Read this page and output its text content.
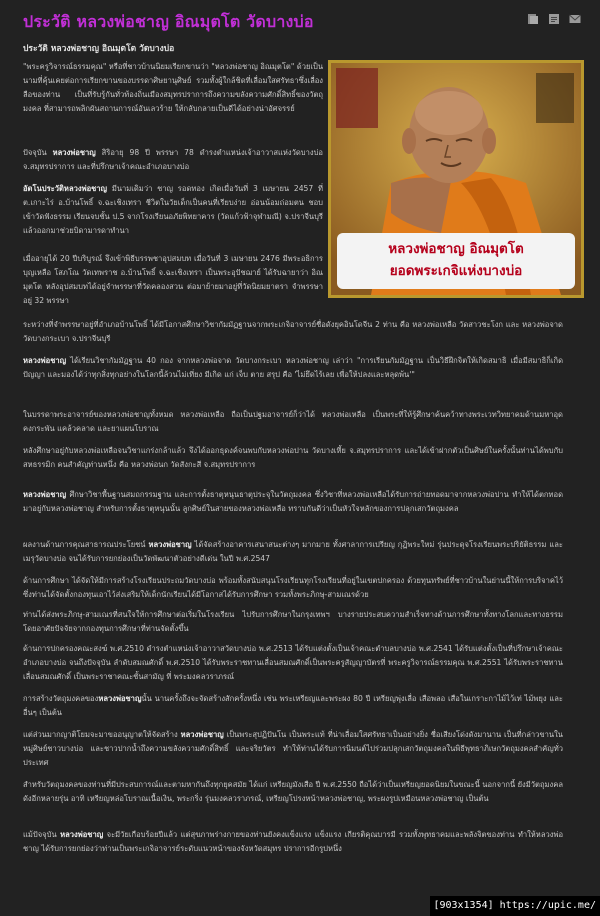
ประวัติ หลวงพ่อชาญ อิณมุตโต วัดบางบ่อ
ประวัติ หลวงพ่อชาญ อิณมุตโต วัดบางบ่อ
หลวงพ่อชาญ อิณมุตโต
ยอดพระเกจิแห่งบางบ่อ

"พระครูวิจารณ์ธรรมคุณ" หรือที่ชาวบ้านนิยมเรียกขานว่า "หลวงพ่อชาญ อิณมุตโต" ด้วยเป็นนามที่คุ้นเคยต่อการเรียกขานของบรรดาศิษยานุศิษย์ รวมทั้งผู้ใกล้ชิดที่เลื่อมใสศรัทธาซึ่งเลื่องลือของท่าน เป็นที่รับรู้กันทั่วท้องถิ่นเมืองสมุทรปราการถึงความขลังความศักดิ์สิทธิ์ของวัตถุมงคล ที่สามารถพลิกผันสถานการณ์อันเลวร้าย ให้กลับกลายเป็นดีได้อย่างน่าอัศจรรย์

ปัจจุบัน หลวงพ่อชาญ สิริอายุ 98 ปี พรรษา 78 ดำรงตำแหน่งเจ้าอาวาสแห่งวัดบางบ่อ จ.สมุทรปราการ และที่ปรึกษาเจ้าคณะอำเภอบางบ่อ

อัตโนประวัติหลวงพ่อชาญ มีนามเดิมว่า ชาญ รอดทอง เกิดเมื่อวันที่ 3 เมษายน 2457 ที่ ต.เกาะไร่ อ.บ้านโพธิ์ จ.ฉะเชิงเทรา ชีวิตในวัยเด็กเป็นคนที่เรียบง่าย อ่อนน้อมถ่อมตน ชอบเข้าวัดฟังธรรม เรียนจบชั้น ป.5 จากโรงเรียนอภัยพิทยาคาร (วัดแก้วฟ้าจุฬามณี) จ.ปราจีนบุรี แล้วออกมาช่วยบิดามารดาทำนา

เมื่ออายุได้ 20 ปีบริบูรณ์ จึงเข้าพิธีบรรพชาอุปสมบท เมื่อวันที่ 3 เมษายน 2476 มีพระอธิการบุญเหลือ โสภโณ วัดเทพราช อ.บ้านโพธิ์ จ.ฉะเชิงเทรา เป็นพระอุปัชฌาย์ ได้รับฉายาว่า อิณมุตโต หลังอุปสมบทได้อยู่จำพรรษาที่วัดคลองสวน ต่อมาย้ายมาอยู่ที่วัดนิยมยาตรา จำพรรษาอยู่ 32 พรรษา

ระหว่างที่จำพรรษาอยู่ที่อำเภอบ้านโพธิ์ ได้มีโอกาสศึกษาวิชากัมมัฏฐานจากพระเกจิอาจารย์ชื่อดังยุคอินโดจีน 2 ท่าน คือ หลวงพ่อเหลือ วัดสาวชะโงก และ หลวงพ่อจาด วัดบางกระเบา จ.ปราจีนบุรี

หลวงพ่อชาญ ได้เรียนวิชากัมมัฏฐาน 40 กอง จากหลวงพ่อจาด วัดบางกระเบา หลวงพ่อชาญ เล่าว่า "การเรียนกัมมัฏฐาน เป็นวิธีฝึกจิตให้เกิดสมาธิ เมื่อมีสมาธิก็เกิดปัญญา และมองได้ว่าทุกสิ่งทุกอย่างในโลกนี้ล้วนไม่เที่ยง มีเกิด แก่ เจ็บ ตาย สรุป คือ 'ไม่ยึดไร้เลย เพื่อให้ปลงและหลุดพ้น'"

ในบรรดาพระอาจารย์ของหลวงพ่อชาญทั้งหมด หลวงพ่อเหลือ ถือเป็นปฐมอาจารย์ก็ว่าได้ หลวงพ่อเหลือ เป็นพระที่ให้รู้ศึกษาค้นคว้าทางพระเวทวิทยาคมด้านมหาอุด คงกระพัน แคล้วคลาด และยาแผนโบราณ

หลังศึกษาอยู่กับหลวงพ่อเหลือจนวิชาแกร่งกล้าแล้ว จึงได้ออกธุดงค์จนพบกับหลวงพ่อปาน วัดบางเหี้ย จ.สมุทรปราการ และได้เข้าฝากตัวเป็นศิษย์ในครั้งนั้นท่านได้พบกับสหธรรมิก คนสำคัญท่านหนึ่ง คือ หลวงพ่อนก วัดสังกะสี จ.สมุทรปราการ

หลวงพ่อชาญ ศึกษาวิชาพื้นฐานสมถกรรมฐาน และการตั้งธาตุหนุนธาตุประจุในวัตถุมงคล ซึ่งวิชาที่หลวงพ่อเหลือได้รับการถ่ายทอดมาจากหลวงพ่อปาน ทำให้ได้ตกทอดมาอยู่กับหลวงพ่อชาญ สำหรับการตั้งธาตุหนุนนั้น ลูกศิษย์ในสายของหลวงพ่อเหลือ ทราบกันดีว่าเป็นหัวใจหลักของการปลุกเสกวัตถุมงคล

ผลงานด้านการคุณสาธารณประโยชน์ หลวงพ่อชาญ ได้จัดสร้างอาคารเสนาสนะต่างๆ มากมาย ทั้งศาลาการเปรียญ กุฏิพระใหม่ รุ่นประดุจโรงเรียนพระปริยัติธรรม และเมรุวัดบางบ่อ จนได้รับการยกย่องเป็นวัดพัฒนาตัวอย่างดีเด่น ในปี พ.ศ.2547

ด้านการศึกษา ได้จัดให้มีการสร้างโรงเรียนประถมวัดบางบ่อ พร้อมทั้งสนับสนุนโรงเรียนทุกโรงเรียนที่อยู่ในเขตปกครอง ด้วยทุนทรัพย์ที่ชาวบ้านในย่านนี้ให้การบริจาคไว้ ซึ่งท่านได้จัดตั้งกองทุนเอาไว้ส่งเสริมให้เด็กนักเรียนได้มีโอกาสได้รับการศึกษา รวมทั้งพระภิกษุ-สามเณรด้วย

ท่านได้ส่งพระภิกษุ-สามเณรที่สนใจให้การศึกษาต่อเริ่มในโรงเรียน ไปรับการศึกษาในกรุงเทพฯ บางรายประสบความสำเร็จทางด้านการศึกษาทั้งทางโลกและทางธรรม โดยอาศัยปัจจัยจากกองทุนการศึกษาที่ท่านจัดตั้งขึ้น

ด้านการปกครองคณะสงฆ์ พ.ศ.2510 ดำรงตำแหน่งเจ้าอาวาสวัดบางบ่อ พ.ศ.2513 ได้รับแต่งตั้งเป็นเจ้าคณะตำบลบางบ่อ พ.ศ.2541 ได้รับแต่งตั้งเป็นที่ปรึกษาเจ้าคณะอำเภอบางบ่อ จนถึงปัจจุบัน ลำดับสมณศักดิ์ พ.ศ.2510 ได้รับพระราชทานเลื่อนสมณศักดิ์เป็นพระครูสัญญาบัตรที่ พระครูวิจารณ์ธรรมคุณ พ.ศ.2551 ได้รับพระราชทานเลื่อนสมณศักดิ์ เป็นพระราชาคณะชั้นสามัญ ที่ พระมงคลวราภรณ์

การสร้างวัตถุมงคลของหลวงพ่อชาญนั้น นานครั้งถึงจะจัดสร้างสักครั้งหนึ่ง เช่น พระเหรียญและพระผง 80 ปี เหรียญพุ่งเลื่อ เสือพลอ เสือในเกราะกาไม้ไว้เท่ ไม้พยุง และอื่นๆ เป็นต้น

แต่ส่วนมากญาติโยมจะมาขออนุญาตให้จัดสร้าง หลวงพ่อชาญ เป็นพระสุปฏิปันโน เป็นพระแท้ ที่น่าเลื่อมใสศรัทธาเป็นอย่างยิ่ง ชื่อเสียงโด่งดังมานาน เป็นที่กล่าวขานในหมู่ศิษย์ชาวบางบ่อ และชาวปากน้ำถึงความขลังความศักดิ์สิทธิ์ และจริยวัตร ทำให้ท่านได้รับการนิมนต์ไปร่วมปลุกเสกวัตถุมงคลในพิธีพุทธาภิเษกวัตถุมงคลสำคัญทั่วประเทศ

สำหรับวัตถุมงคลของท่านที่มีประสบการณ์และตามหากันถึงทุกยุคสมัย ได้แก่ เหรียญมังเสือ ปี พ.ศ.2550 ถือได้ว่าเป็นเหรียญยอดนิยมในขณะนี้ นอกจากนี้ ยังมีวัตถุมงคลดังอีกหลายรุ่น อาทิ เหรียญหล่อโบราณเนื้อเงิน, พระกริ่ง รุ่นมงคลวราภรณ์, เหรียญโปรงหน้าหลวงพ่อชาญ, พระผงรูปเหมือนหลวงพ่อชาญ เป็นต้น

แม้ปัจจุบัน หลวงพ่อชาญ จะมีวัยเกือบร้อยปีแล้ว แต่สุขภาพร่างกายของท่านยังคงแข็งแรง แข็งแรง เกียรติคุณบารมี รวมทั้งพุทธาคมและพลังจิตของท่าน ทำให้หลวงพ่อชาญ ได้รับการยกย่องว่าท่านเป็นพระเกจิอาจารย์ระดับแนวหน้าของจังหวัดสมุทร ปราการอีกรูปหนึ่ง

[903x1354] https://upic.me/
